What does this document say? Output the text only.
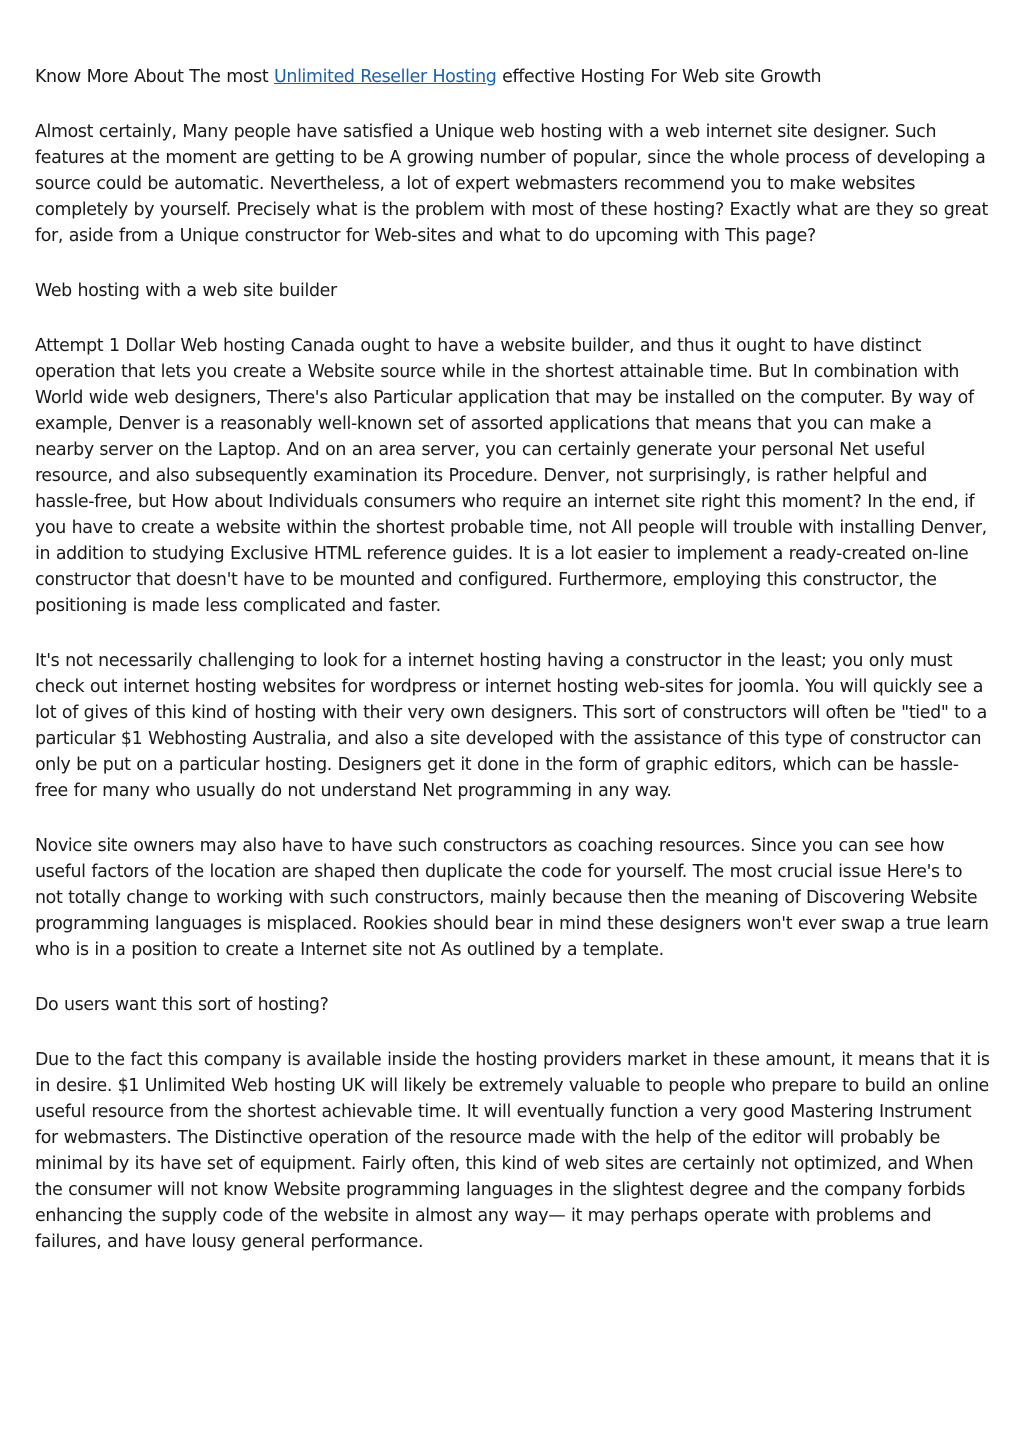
Know More About The most Unlimited Reseller Hosting effective Hosting For Web site Growth

Almost certainly, Many people have satisfied a Unique web hosting with a web internet site designer. Such features at the moment are getting to be A growing number of popular, since the whole process of developing a source could be automatic. Nevertheless, a lot of expert webmasters recommend you to make websites completely by yourself. Precisely what is the problem with most of these hosting? Exactly what are they so great for, aside from a Unique constructor for Web-sites and what to do upcoming with This page?

Web hosting with a web site builder

Attempt 1 Dollar Web hosting Canada ought to have a website builder, and thus it ought to have distinct operation that lets you create a Website source while in the shortest attainable time. But In combination with World wide web designers, There's also Particular application that may be installed on the computer. By way of example, Denver is a reasonably well-known set of assorted applications that means that you can make a nearby server on the Laptop. And on an area server, you can certainly generate your personal Net useful resource, and also subsequently examination its Procedure. Denver, not surprisingly, is rather helpful and hassle-free, but How about Individuals consumers who require an internet site right this moment? In the end, if you have to create a website within the shortest probable time, not All people will trouble with installing Denver, in addition to studying Exclusive HTML reference guides. It is a lot easier to implement a ready-created on-line constructor that doesn't have to be mounted and configured. Furthermore, employing this constructor, the positioning is made less complicated and faster.

It's not necessarily challenging to look for a internet hosting having a constructor in the least; you only must check out internet hosting websites for wordpress or internet hosting web-sites for joomla. You will quickly see a lot of gives of this kind of hosting with their very own designers. This sort of constructors will often be "tied" to a particular $1 Webhosting Australia, and also a site developed with the assistance of this type of constructor can only be put on a particular hosting. Designers get it done in the form of graphic editors, which can be hassle-free for many who usually do not understand Net programming in any way.

Novice site owners may also have to have such constructors as coaching resources. Since you can see how useful factors of the location are shaped then duplicate the code for yourself. The most crucial issue Here's to not totally change to working with such constructors, mainly because then the meaning of Discovering Website programming languages is misplaced. Rookies should bear in mind these designers won't ever swap a true learn who is in a position to create a Internet site not As outlined by a template.

Do users want this sort of hosting?

Due to the fact this company is available inside the hosting providers market in these amount, it means that it is in desire. $1 Unlimited Web hosting UK will likely be extremely valuable to people who prepare to build an online useful resource from the shortest achievable time. It will eventually function a very good Mastering Instrument for webmasters. The Distinctive operation of the resource made with the help of the editor will probably be minimal by its have set of equipment. Fairly often, this kind of web sites are certainly not optimized, and When the consumer will not know Website programming languages in the slightest degree and the company forbids enhancing the supply code of the website in almost any way— it may perhaps operate with problems and failures, and have lousy general performance.
